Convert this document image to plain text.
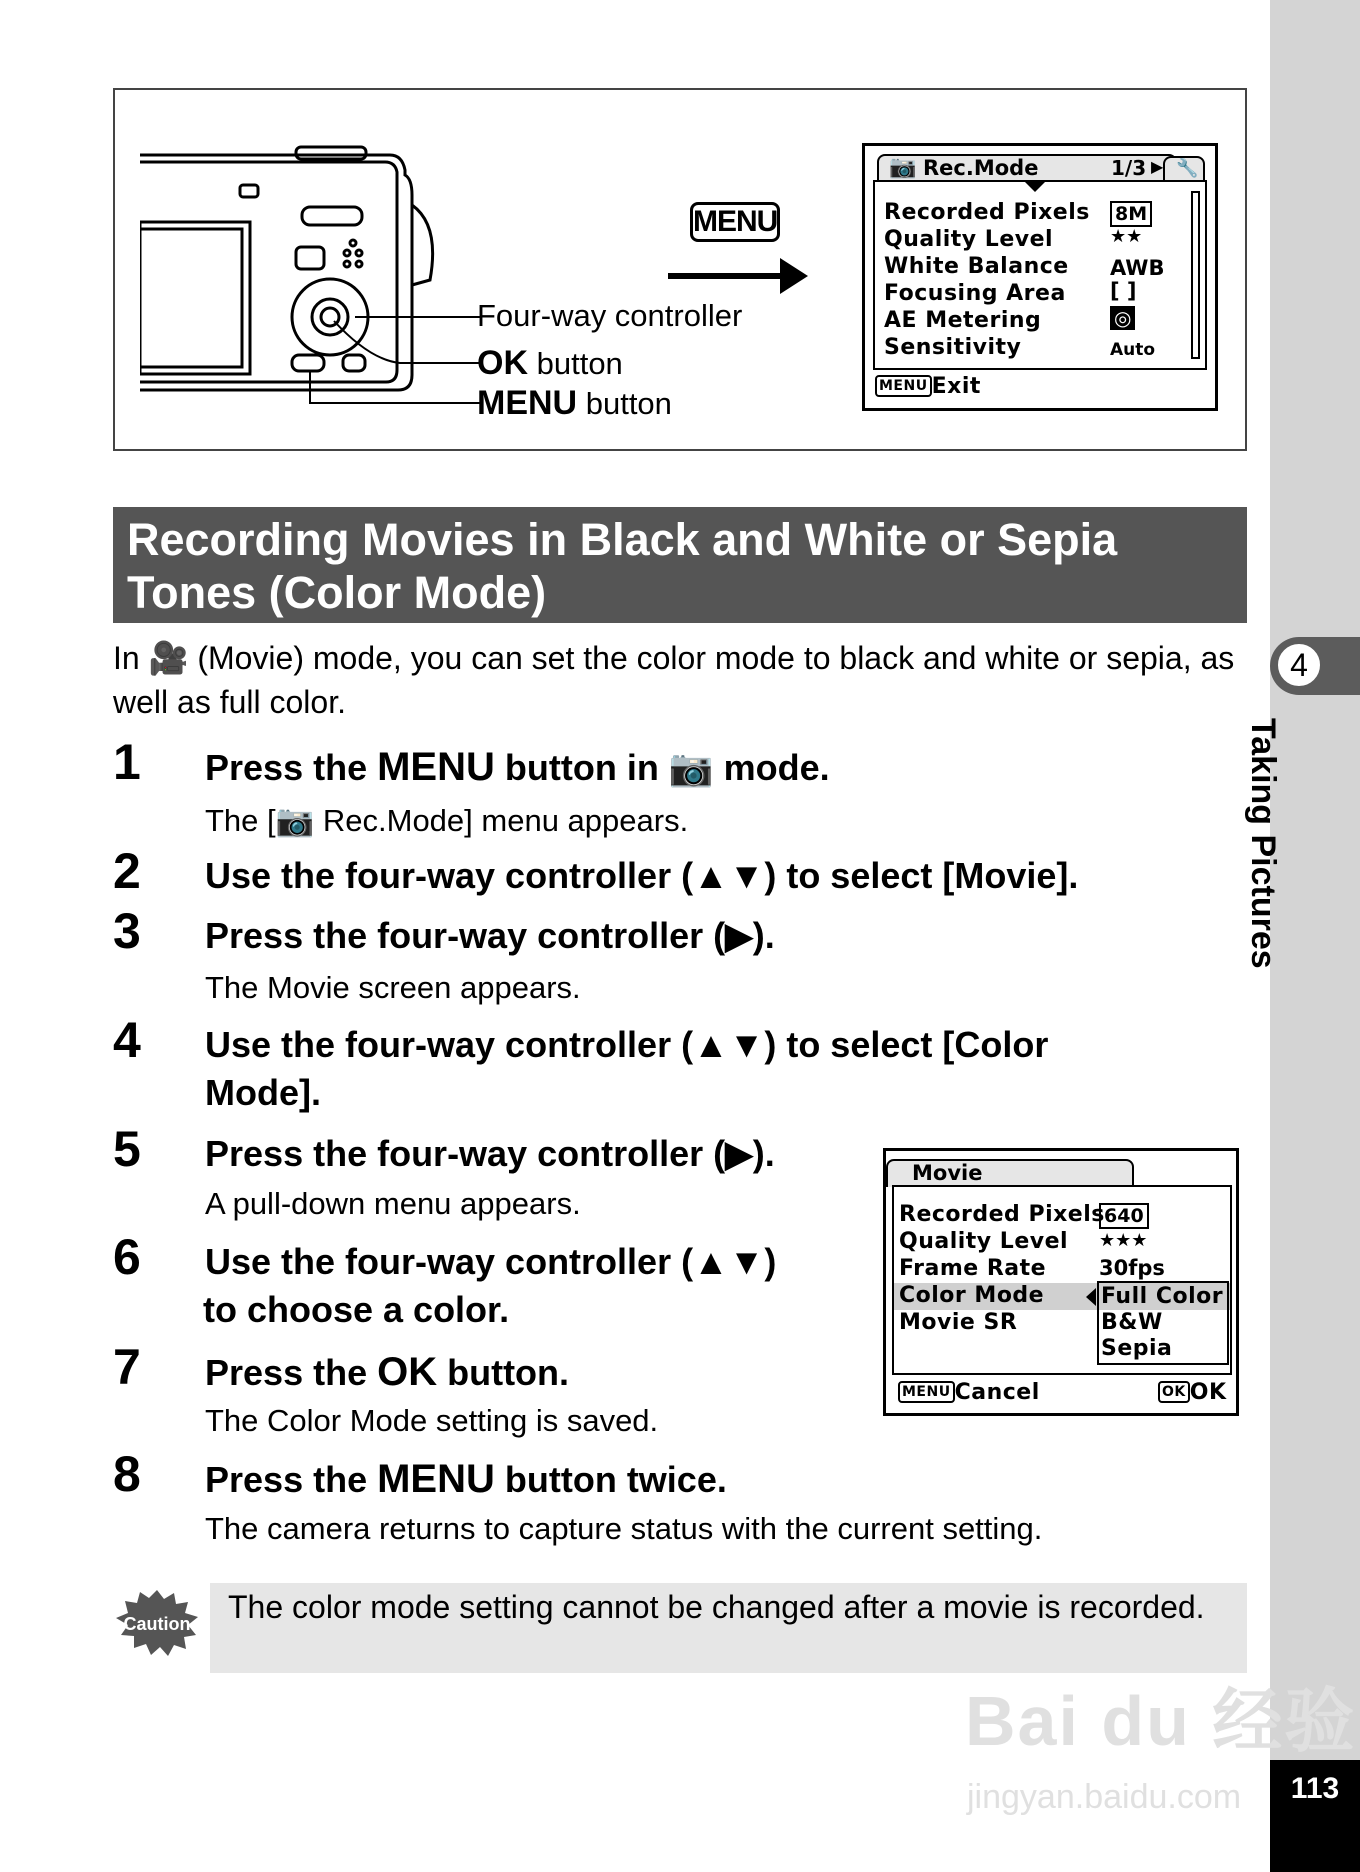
4
Taking Pictures
113
MENU
Four-way controller
OK button
MENU button
📷 Rec.Mode	1/3 ▶ 🔧
Recorded Pixels
Quality Level
White Balance
Focusing Area
AE Metering
Sensitivity
8M
★★
AWB
[ ]
◎
Auto
MENU Exit
Recording Movies in Black and White or Sepia Tones (Color Mode)
In 🎥 (Movie) mode, you can set the color mode to black and white or sepia, as well as full color.
1 Press the MENU button in 📷 mode.
The [📷 Rec.Mode] menu appears.
2 Use the four-way controller (▲▼) to select [Movie].
3 Press the four-way controller (▶).
The Movie screen appears.
4 Use the four-way controller (▲▼) to select [Color
Mode].
5 Press the four-way controller (▶).
A pull-down menu appears.
6 Use the four-way controller (▲▼)
to choose a color.
7 Press the OK button.
The Color Mode setting is saved.
8 Press the MENU button twice.
The camera returns to capture status with the current setting.
Movie
Recorded Pixels
Quality Level
Frame Rate
Color Mode
Movie SR
640
★★★
30fps
Full Color
B&W
Sepia
MENU Cancel	OK OK
Caution The color mode setting cannot be changed after a movie is recorded.
Bai du 经验
jingyan.baidu.com
